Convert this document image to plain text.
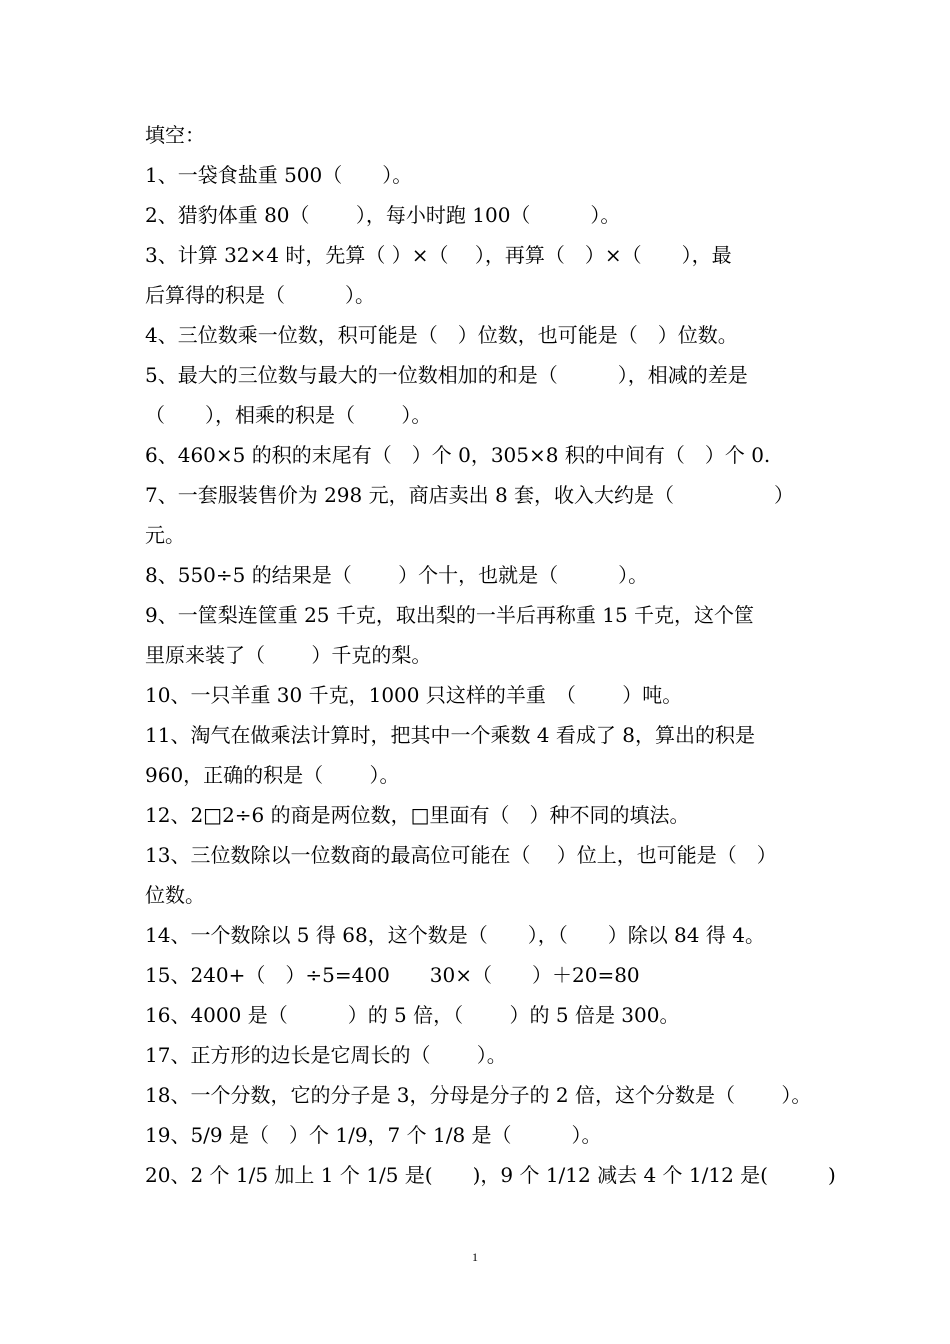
填空：
1、一袋食盐重 500（　　）。
2、猎豹体重 80（　　 ），每小时跑 100（　　　）。
3、计算 32×4 时，先算（ ）×（　 ），再算（　）×（　　），最
后算得的积是（　　　）。
4、三位数乘一位数，积可能是（　）位数，也可能是（　）位数。
5、最大的三位数与最大的一位数相加的和是（　　　），相减的差是
（　　），相乘的积是（　　 ）。
6、460×5 的积的末尾有（　）个 0，305×8 积的中间有（　）个 0.
7、一套服装售价为 298 元，商店卖出 8 套，收入大约是（　　　　　）
元。
8、550÷5 的结果是（　　 ）个十，也就是（　　　）。
9、一筐梨连筐重 25 千克，取出梨的一半后再称重 15 千克，这个筐
里原来装了（　　 ）千克的梨。
10、一只羊重 30 千克，1000 只这样的羊重　（　　 ）吨。
11、淘气在做乘法计算时，把其中一个乘数 4 看成了 8，算出的积是
960，正确的积是（　　 ）。
12、2□2÷6 的商是两位数，□里面有（　）种不同的填法。
13、三位数除以一位数商的最高位可能在（　 ）位上，也可能是（　）
位数。
14、一个数除以 5 得 68，这个数是（　　），（　　）除以 84 得 4。
15、240+（　）÷5=400　　30×（　　）＋20=80
16、4000 是（　　　）的 5 倍，（　　 ）的 5 倍是 300。
17、正方形的边长是它周长的（　　 ）。
18、一个分数，它的分子是 3，分母是分子的 2 倍，这个分数是（　　 ）。
19、5/9 是（　）个 1/9，7 个 1/8 是（　　　）。
20、2 个 1/5 加上 1 个 1/5 是(　　)，9 个 1/12 减去 4 个 1/12 是(　　　)
1
